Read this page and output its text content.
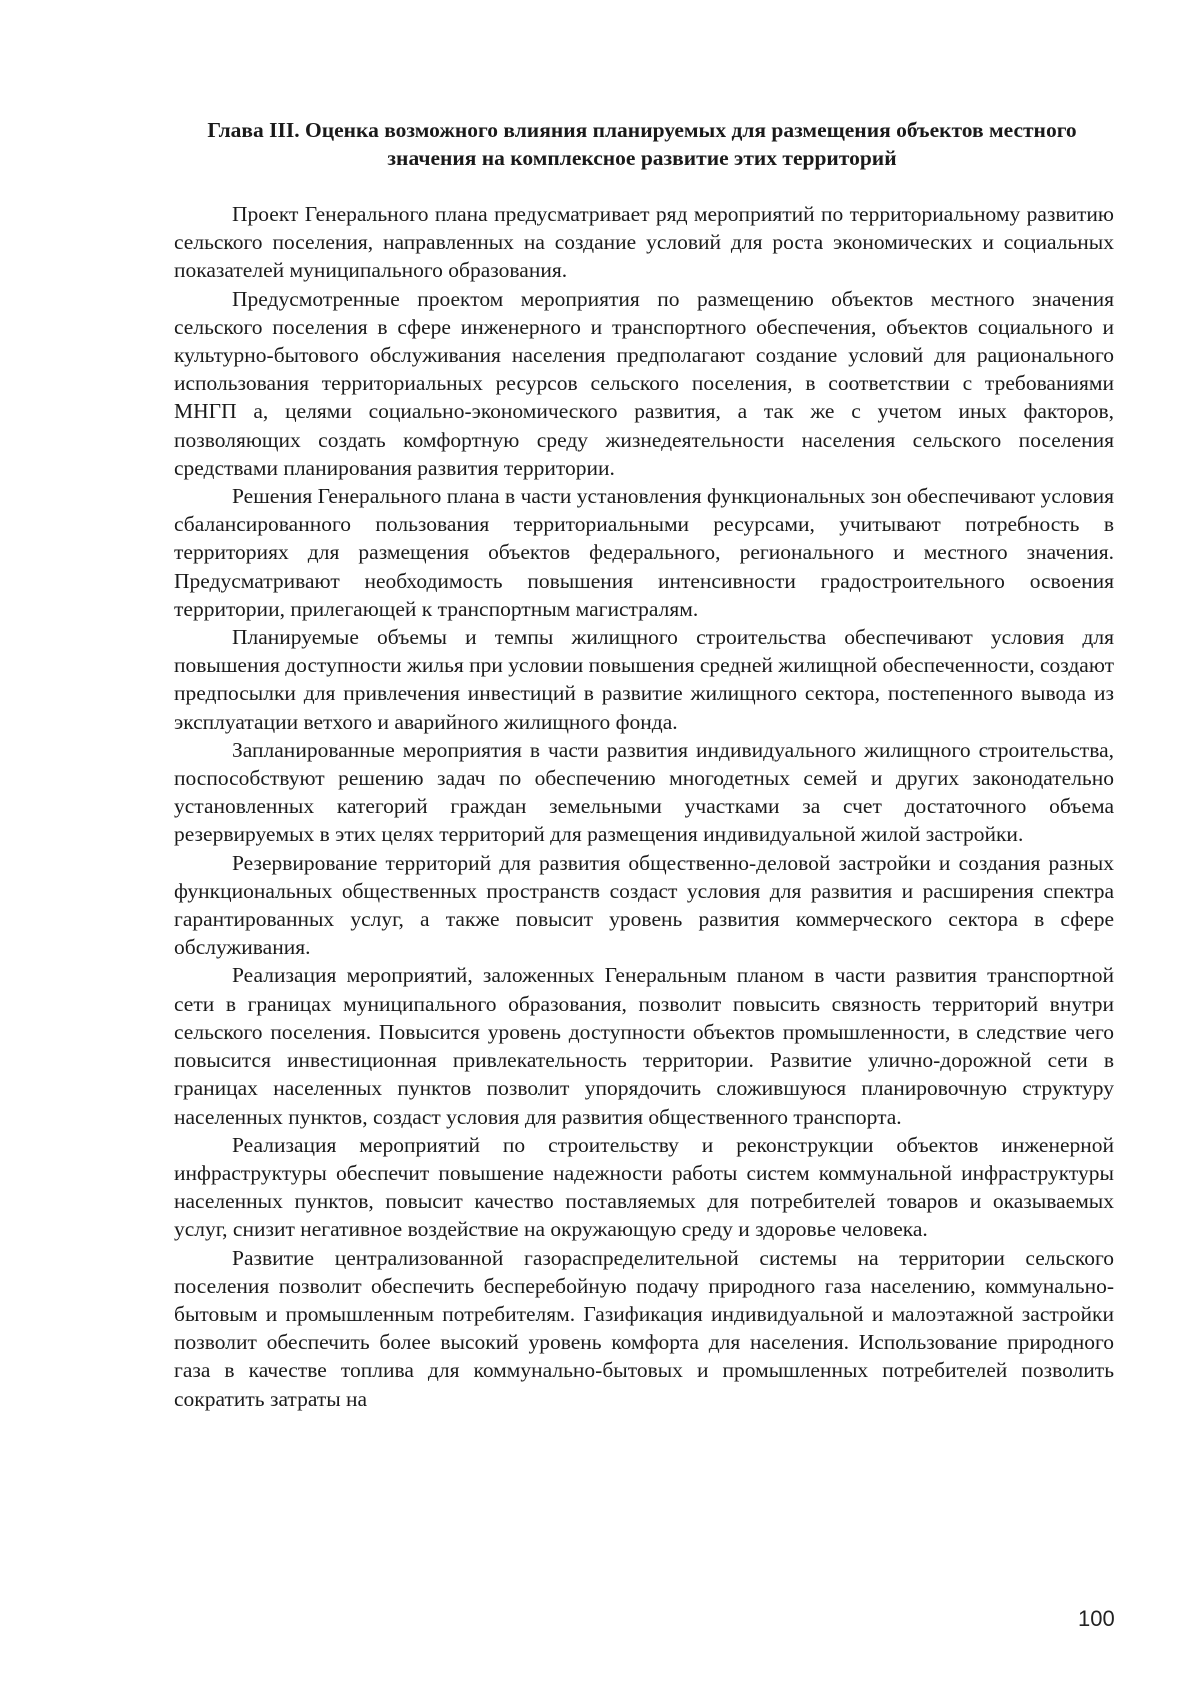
Глава III. Оценка возможного влияния планируемых для размещения объектов местного значения на комплексное развитие этих территорий

Проект Генерального плана предусматривает ряд мероприятий по территориальному развитию сельского поселения, направленных на создание условий для роста экономических и социальных показателей муниципального образования.

Предусмотренные проектом мероприятия по размещению объектов местного значения сельского поселения в сфере инженерного и транспортного обеспечения, объектов социального и культурно-бытового обслуживания населения предполагают создание условий для рационального использования территориальных ресурсов сельского поселения, в соответствии с требованиями МНГП а, целями социально-экономического развития, а так же с учетом иных факторов, позволяющих создать комфортную среду жизнедеятельности населения сельского поселения средствами планирования развития территории.

Решения Генерального плана в части установления функциональных зон обеспечивают условия сбалансированного пользования территориальными ресурсами, учитывают потребность в территориях для размещения объектов федерального, регионального и местного значения. Предусматривают необходимость повышения интенсивности градостроительного освоения территории, прилегающей к транспортным магистралям.

Планируемые объемы и темпы жилищного строительства обеспечивают условия для повышения доступности жилья при условии повышения средней жилищной обеспеченности, создают предпосылки для привлечения инвестиций в развитие жилищного сектора, постепенного вывода из эксплуатации ветхого и аварийного жилищного фонда.

Запланированные мероприятия в части развития индивидуального жилищного строительства, поспособствуют решению задач по обеспечению многодетных семей и других законодательно установленных категорий граждан земельными участками за счет достаточного объема резервируемых в этих целях территорий для размещения индивидуальной жилой застройки.

Резервирование территорий для развития общественно-деловой застройки и создания разных функциональных общественных пространств создаст условия для развития и расширения спектра гарантированных услуг, а также повысит уровень развития коммерческого сектора в сфере обслуживания.

Реализация мероприятий, заложенных Генеральным планом в части развития транспортной сети в границах муниципального образования, позволит повысить связность территорий внутри сельского поселения. Повысится уровень доступности объектов промышленности, в следствие чего повысится инвестиционная привлекательность территории. Развитие улично-дорожной сети в границах населенных пунктов позволит упорядочить сложившуюся планировочную структуру населенных пунктов, создаст условия для развития общественного транспорта.

Реализация мероприятий по строительству и реконструкции объектов инженерной инфраструктуры обеспечит повышение надежности работы систем коммунальной инфраструктуры населенных пунктов, повысит качество поставляемых для потребителей товаров и оказываемых услуг, снизит негативное воздействие на окружающую среду и здоровье человека.

Развитие централизованной газораспределительной системы на территории сельского поселения позволит обеспечить бесперебойную подачу природного газа населению, коммунально-бытовым и промышленным потребителям. Газификация индивидуальной и малоэтажной застройки позволит обеспечить более высокий уровень комфорта для населения. Использование природного газа в качестве топлива для коммунально-бытовых и промышленных потребителей позволить сократить затраты на

100
